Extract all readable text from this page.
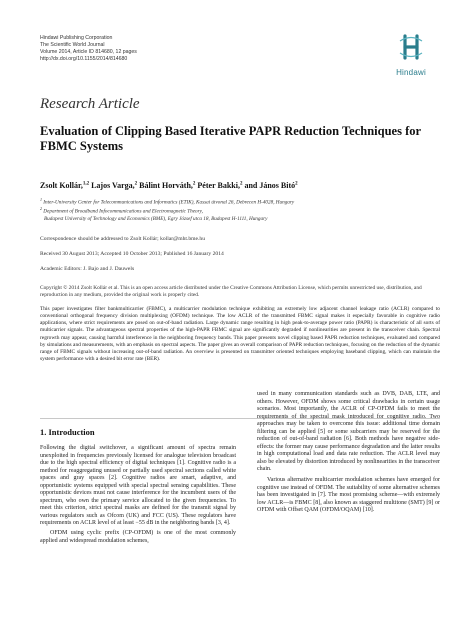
Hindawi Publishing Corporation
The Scientific World Journal
Volume 2014, Article ID 814680, 12 pages
http://dx.doi.org/10.1155/2014/814680
Hindawi
Research Article
Evaluation of Clipping Based Iterative PAPR Reduction Techniques for FBMC Systems
Zsolt Kollár,$^{1,2}$ Lajos Varga,$^2$ Bálint Horváth,$^2$ Péter Bakki,$^2$ and János Bitó$^2$
$^1$ Inter-University Center for Telecommunications and Informatics (ETIK), Kassai útvonal 26, Debrecen H-4028, Hungary
$^2$ Department of Broadband Infocommunications and Electromagnetic Theory,
Budapest University of Technology and Economics (BME), Egry József utca 18, Budapest H-1111, Hungary
Correspondence should be addressed to Zsolt Kollár; kollar@mht.bme.hu
Received 30 August 2013; Accepted 10 October 2013; Published 16 January 2014
Academic Editors: J. Bajo and J. Dauwels
Copyright © 2014 Zsolt Kollár et al. This is an open access article distributed under the Creative Commons Attribution License, which permits unrestricted use, distribution, and reproduction in any medium, provided the original work is properly cited.
This paper investigates filter bankmulticarrier (FBMC), a multicarrier modulation technique exhibiting an extremely low adjacent channel leakage ratio (ACLR) compared to conventional orthogonal frequency division multiplexing (OFDM) technique. The low ACLR of the transmitted FBMC signal makes it especially favorable in cognitive radio applications, where strict requirements are posed on out-of-band radiation. Large dynamic range resulting in high peak-to-average power ratio (PAPR) is characteristic of all sorts of multicarrier signals. The advantageous spectral properties of the high-PAPR FBMC signal are significantly degraded if nonlinearities are present in the transceiver chain. Spectral regrowth may appear, causing harmful interference in the neighboring frequency bands. This paper presents novel clipping based PAPR reduction techniques, evaluated and compared by simulations and measurements, with an emphasis on spectral aspects. The paper gives an overall comparison of PAPR reduction techniques, focusing on the reduction of the dynamic range of FBMC signals without increasing out-of-band radiation. An overview is presented on transmitter oriented techniques employing baseband clipping, which can maintain the system performance with a desired bit error rate (BER).
1. Introduction

Following the digital switchover, a significant amount of spectra remain unexploited in frequencies previously licensed for analogue television broadcast due to the high spectral efficiency of digital techniques [1]. Cognitive radio is a method for reaggregating unused or partially used spectral sections called white spaces and gray spaces [2]. Cognitive radios are smart, adaptive, and opportunistic systems equipped with special spectral sensing capabilities. These opportunistic devices must not cause interference for the incumbent users of the spectrum, who own the primary service allocated to the given frequencies. To meet this criterion, strict spectral masks are defined for the transmit signal by various regulators such as Ofcom (UK) and FCC (US). These regulators have requirements on ACLR level of at least −55 dB in the neighboring bands [3, 4].

OFDM using cyclic prefix (CP-OFDM) is one of the most commonly applied and widespread modulation schemes,

used in many communication standards such as DVB, DAB, LTE, and others. However, OFDM shows some critical drawbacks in certain usage scenarios. Most importantly, the ACLR of CP-OFDM fails to meet the requirements of the spectral mask introduced for cognitive radio. Two approaches may be taken to overcome this issue: additional time domain filtering can be applied [5] or some subcarriers may be reserved for the reduction of out-of-band radiation [6]. Both methods have negative side-effects: the former may cause performance degradation and the latter results in high computational load and data rate reduction. The ACLR level may also be elevated by distortion introduced by nonlinearities in the transceiver chain.

Various alternative multicarrier modulation schemes have emerged for cognitive use instead of OFDM. The suitability of some alternative schemes has been investigated in [7]. The most promising scheme—with extremely low ACLR—is FBMC [8], also known as staggered multitone (SMT) [9] or OFDM with Offset QAM (OFDM/OQAM) [10].
